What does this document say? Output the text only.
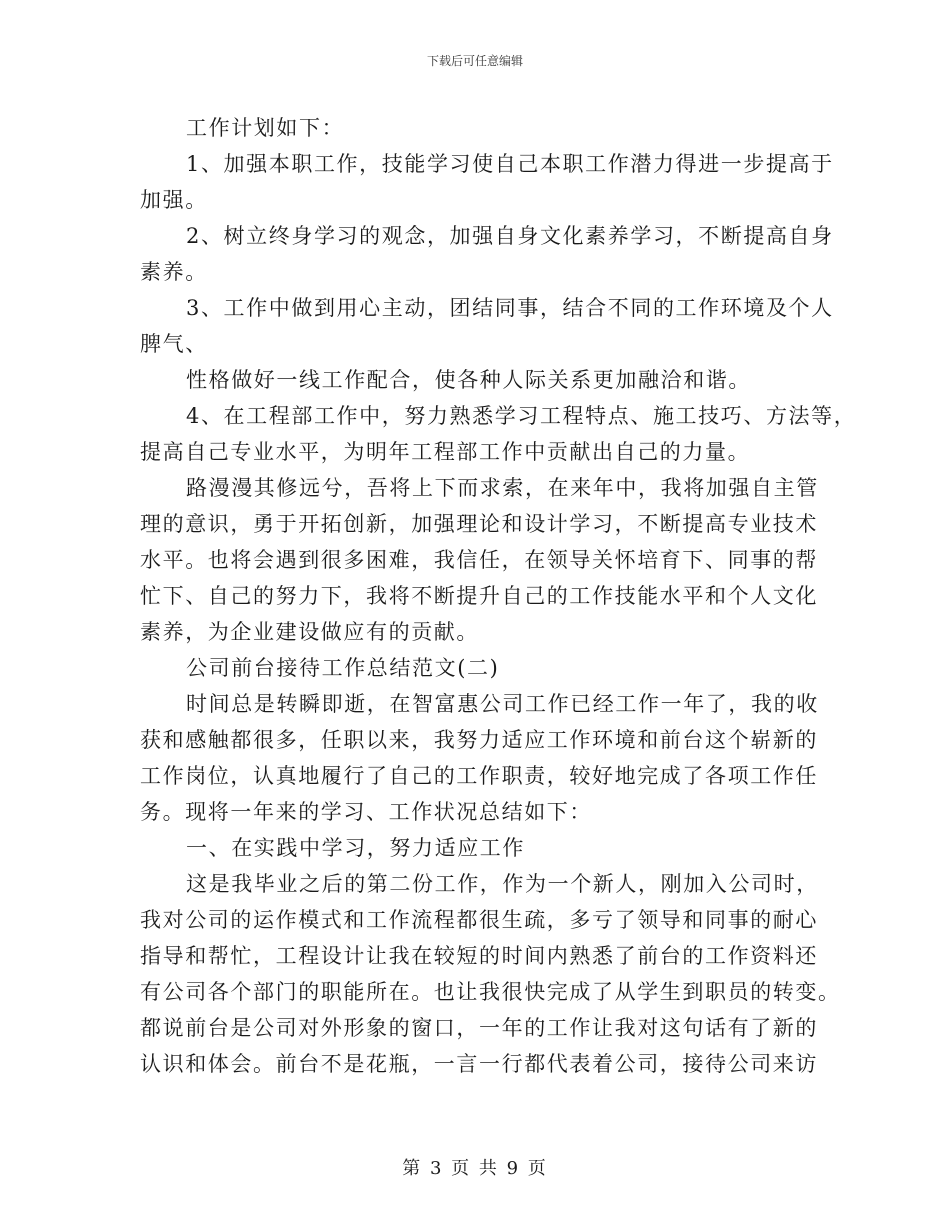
下载后可任意编辑
工作计划如下：
1、加强本职工作，技能学习使自己本职工作潜力得进一步提高于
加强。
2、树立终身学习的观念，加强自身文化素养学习，不断提高自身
素养。
3、工作中做到用心主动，团结同事，结合不同的工作环境及个人
脾气、
性格做好一线工作配合，使各种人际关系更加融洽和谐。
4、在工程部工作中，努力熟悉学习工程特点、施工技巧、方法等，
提高自己专业水平，为明年工程部工作中贡献出自己的力量。
路漫漫其修远兮，吾将上下而求索，在来年中，我将加强自主管
理的意识，勇于开拓创新，加强理论和设计学习，不断提高专业技术
水平。也将会遇到很多困难，我信任，在领导关怀培育下、同事的帮
忙下、自己的努力下，我将不断提升自己的工作技能水平和个人文化
素养，为企业建设做应有的贡献。
公司前台接待工作总结范文(二)
时间总是转瞬即逝，在智富惠公司工作已经工作一年了，我的收
获和感触都很多，任职以来，我努力适应工作环境和前台这个崭新的
工作岗位，认真地履行了自己的工作职责，较好地完成了各项工作任
务。现将一年来的学习、工作状况总结如下：
一、在实践中学习，努力适应工作
这是我毕业之后的第二份工作，作为一个新人，刚加入公司时，
我对公司的运作模式和工作流程都很生疏，多亏了领导和同事的耐心
指导和帮忙，工程设计让我在较短的时间内熟悉了前台的工作资料还
有公司各个部门的职能所在。也让我很快完成了从学生到职员的转变。
都说前台是公司对外形象的窗口，一年的工作让我对这句话有了新的
认识和体会。前台不是花瓶，一言一行都代表着公司，接待公司来访
第 3 页 共 9 页
